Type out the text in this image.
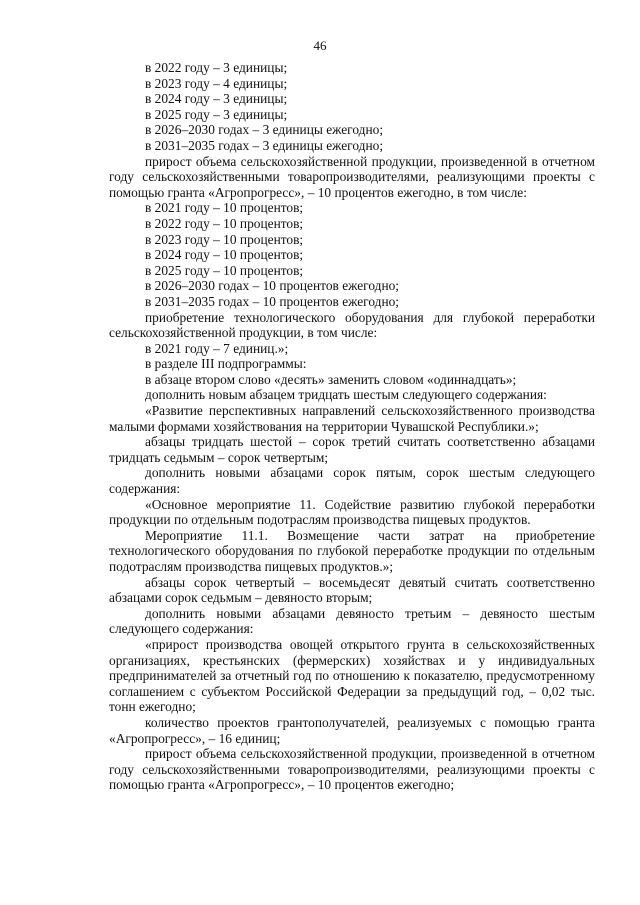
46

в 2022 году – 3 единицы;

в 2023 году – 4 единицы;

в 2024 году – 3 единицы;

в 2025 году – 3 единицы;

в 2026–2030 годах – 3 единицы ежегодно;

в 2031–2035 годах – 3 единицы ежегодно;

прирост объема сельскохозяйственной продукции, произведенной в отчетном году сельскохозяйственными товаропроизводителями, реализующими проекты с помощью гранта «Агропрогресс», – 10 процентов ежегодно, в том числе:

в 2021 году – 10 процентов;

в 2022 году – 10 процентов;

в 2023 году – 10 процентов;

в 2024 году – 10 процентов;

в 2025 году – 10 процентов;

в 2026–2030 годах – 10 процентов ежегодно;

в 2031–2035 годах – 10 процентов ежегодно;

приобретение технологического оборудования для глубокой переработки сельскохозяйственной продукции, в том числе:

в 2021 году – 7 единиц.»;

в разделе III подпрограммы:

в абзаце втором слово «десять» заменить словом «одиннадцать»;

дополнить новым абзацем тридцать шестым следующего содержания:

«Развитие перспективных направлений сельскохозяйственного производства малыми формами хозяйствования на территории Чувашской Республики.»;

абзацы тридцать шестой – сорок третий считать соответственно абзацами тридцать седьмым – сорок четвертым;

дополнить новыми абзацами сорок пятым, сорок шестым следующего содержания:

«Основное мероприятие 11. Содействие развитию глубокой переработки продукции по отдельным подотраслям производства пищевых продуктов.

Мероприятие 11.1. Возмещение части затрат на приобретение технологического оборудования по глубокой переработке продукции по отдельным подотраслям производства пищевых продуктов.»;

абзацы сорок четвертый – восемьдесят девятый считать соответственно абзацами сорок седьмым – девяносто вторым;

дополнить новыми абзацами девяносто третьим – девяносто шестым следующего содержания:

«прирост производства овощей открытого грунта в сельскохозяйственных организациях, крестьянских (фермерских) хозяйствах и у индивидуальных предпринимателей за отчетный год по отношению к показателю, предусмотренному соглашением с субъектом Российской Федерации за предыдущий год, – 0,02 тыс. тонн ежегодно;

количество проектов грантополучателей, реализуемых с помощью гранта «Агропрогресс», – 16 единиц;

прирост объема сельскохозяйственной продукции, произведенной в отчетном году сельскохозяйственными товаропроизводителями, реализующими проекты с помощью гранта «Агропрогресс», – 10 процентов ежегодно;
